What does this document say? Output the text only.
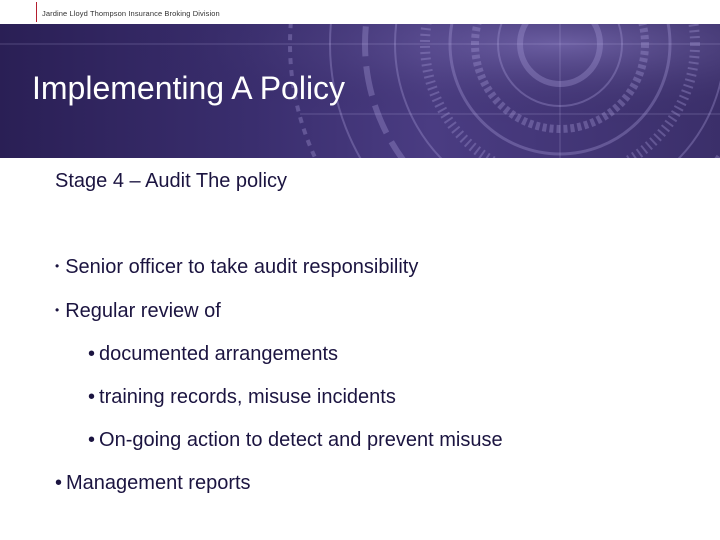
Jardine Lloyd Thompson Insurance Broking Division
Implementing A Policy
Stage 4 – Audit The policy
• Senior officer to take audit responsibility
• Regular review of
• documented arrangements
• training records, misuse incidents
• On-going action to detect and prevent misuse
• Management reports
